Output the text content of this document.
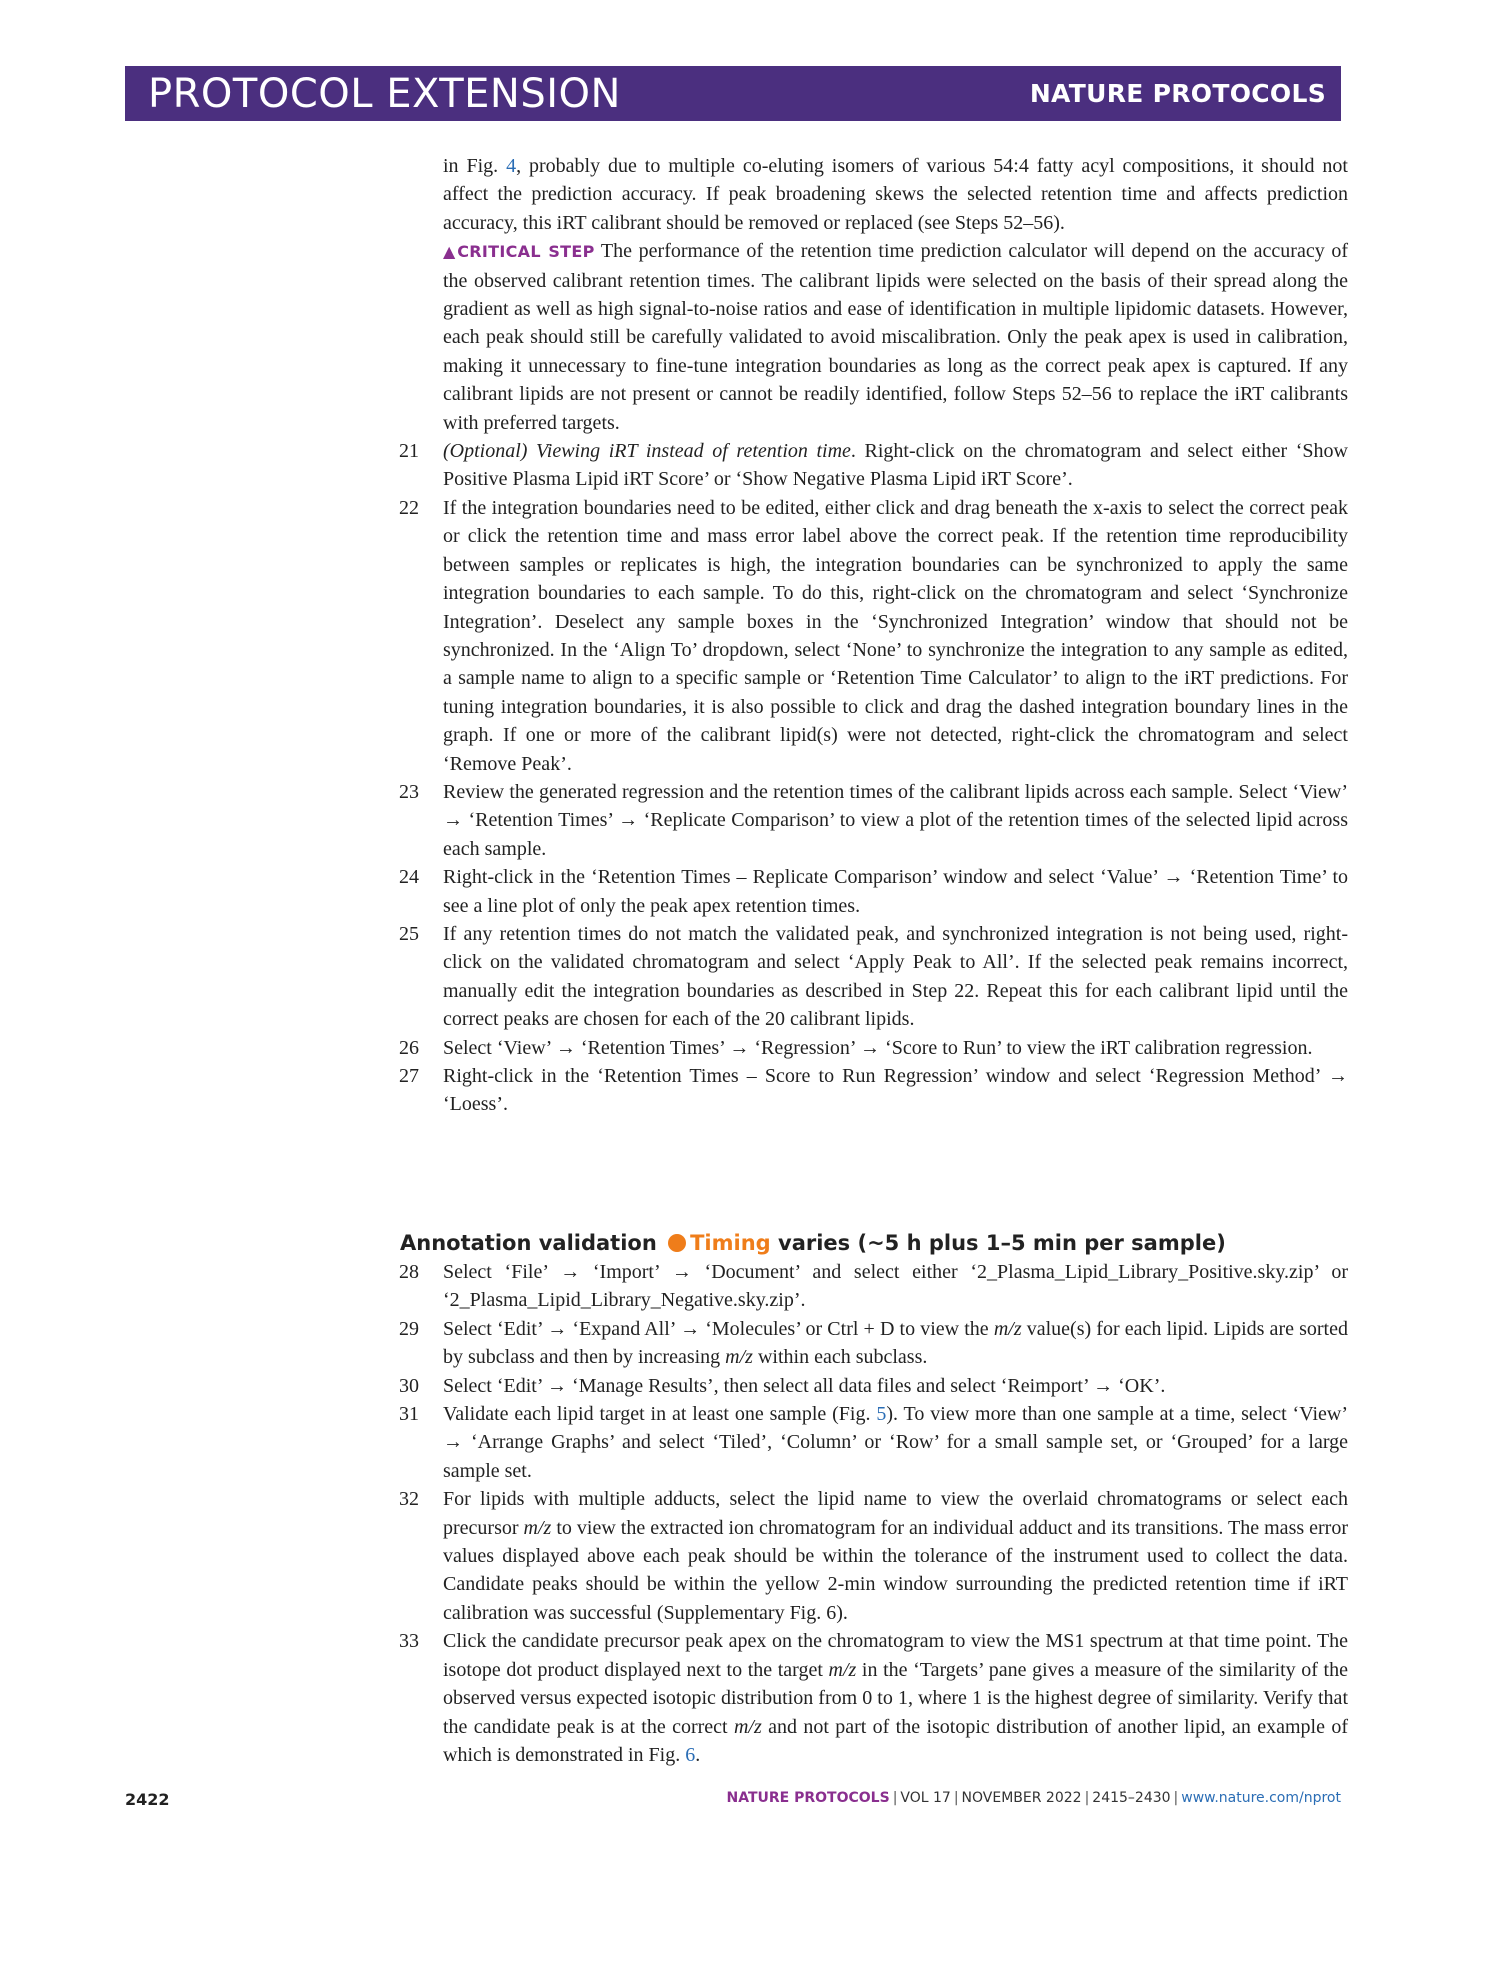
PROTOCOL EXTENSION	NATURE PROTOCOLS

in Fig. 4, probably due to multiple co-eluting isomers of various 54:4 fatty acyl compositions, it should not affect the prediction accuracy. If peak broadening skews the selected retention time and affects prediction accuracy, this iRT calibrant should be removed or replaced (see Steps 52–56).

▲CRITICAL STEP The performance of the retention time prediction calculator will depend on the accuracy of the observed calibrant retention times. The calibrant lipids were selected on the basis of their spread along the gradient as well as high signal-to-noise ratios and ease of identification in multiple lipidomic datasets. However, each peak should still be carefully validated to avoid miscalibration. Only the peak apex is used in calibration, making it unnecessary to fine-tune integration boundaries as long as the correct peak apex is captured. If any calibrant lipids are not present or cannot be readily identified, follow Steps 52–56 to replace the iRT calibrants with preferred targets.

21	(Optional) Viewing iRT instead of retention time. Right-click on the chromatogram and select either ‘Show Positive Plasma Lipid iRT Score’ or ‘Show Negative Plasma Lipid iRT Score’.
22	If the integration boundaries need to be edited, either click and drag beneath the x-axis to select the correct peak or click the retention time and mass error label above the correct peak. If the retention time reproducibility between samples or replicates is high, the integration boundaries can be synchronized to apply the same integration boundaries to each sample. To do this, right-click on the chromatogram and select ‘Synchronize Integration’. Deselect any sample boxes in the ‘Synchronized Integration’ window that should not be synchronized. In the ‘Align To’ dropdown, select ‘None’ to synchronize the integration to any sample as edited, a sample name to align to a specific sample or ‘Retention Time Calculator’ to align to the iRT predictions. For tuning integration boundaries, it is also possible to click and drag the dashed integration boundary lines in the graph. If one or more of the calibrant lipid(s) were not detected, right-click the chromatogram and select ‘Remove Peak’.
23	Review the generated regression and the retention times of the calibrant lipids across each sample. Select ‘View’ → ‘Retention Times’ → ‘Replicate Comparison’ to view a plot of the retention times of the selected lipid across each sample.
24	Right-click in the ‘Retention Times – Replicate Comparison’ window and select ‘Value’ → ‘Retention Time’ to see a line plot of only the peak apex retention times.
25	If any retention times do not match the validated peak, and synchronized integration is not being used, right-click on the validated chromatogram and select ‘Apply Peak to All’. If the selected peak remains incorrect, manually edit the integration boundaries as described in Step 22. Repeat this for each calibrant lipid until the correct peaks are chosen for each of the 20 calibrant lipids.
26	Select ‘View’ → ‘Retention Times’ → ‘Regression’ → ‘Score to Run’ to view the iRT calibration regression.
27	Right-click in the ‘Retention Times – Score to Run Regression’ window and select ‘Regression Method’ → ‘Loess’.
Annotation validation Timing varies (~5 h plus 1–5 min per sample)
28	Select ‘File’ → ‘Import’ → ‘Document’ and select either ‘2_Plasma_Lipid_Library_Positive.sky.zip’ or ‘2_Plasma_Lipid_Library_Negative.sky.zip’.
29	Select ‘Edit’ → ‘Expand All’ → ‘Molecules’ or Ctrl + D to view the m/z value(s) for each lipid. Lipids are sorted by subclass and then by increasing m/z within each subclass.
30	Select ‘Edit’ → ‘Manage Results’, then select all data files and select ‘Reimport’ → ‘OK’.
31	Validate each lipid target in at least one sample (Fig. 5). To view more than one sample at a time, select ‘View’ → ‘Arrange Graphs’ and select ‘Tiled’, ‘Column’ or ‘Row’ for a small sample set, or ‘Grouped’ for a large sample set.
32	For lipids with multiple adducts, select the lipid name to view the overlaid chromatograms or select each precursor m/z to view the extracted ion chromatogram for an individual adduct and its transitions. The mass error values displayed above each peak should be within the tolerance of the instrument used to collect the data. Candidate peaks should be within the yellow 2-min window surrounding the predicted retention time if iRT calibration was successful (Supplementary Fig. 6).
33	Click the candidate precursor peak apex on the chromatogram to view the MS1 spectrum at that time point. The isotope dot product displayed next to the target m/z in the ‘Targets’ pane gives a measure of the similarity of the observed versus expected isotopic distribution from 0 to 1, where 1 is the highest degree of similarity. Verify that the candidate peak is at the correct m/z and not part of the isotopic distribution of another lipid, an example of which is demonstrated in Fig. 6.
2422	NATURE PROTOCOLS | VOL 17 | NOVEMBER 2022 | 2415–2430 | www.nature.com/nprot
